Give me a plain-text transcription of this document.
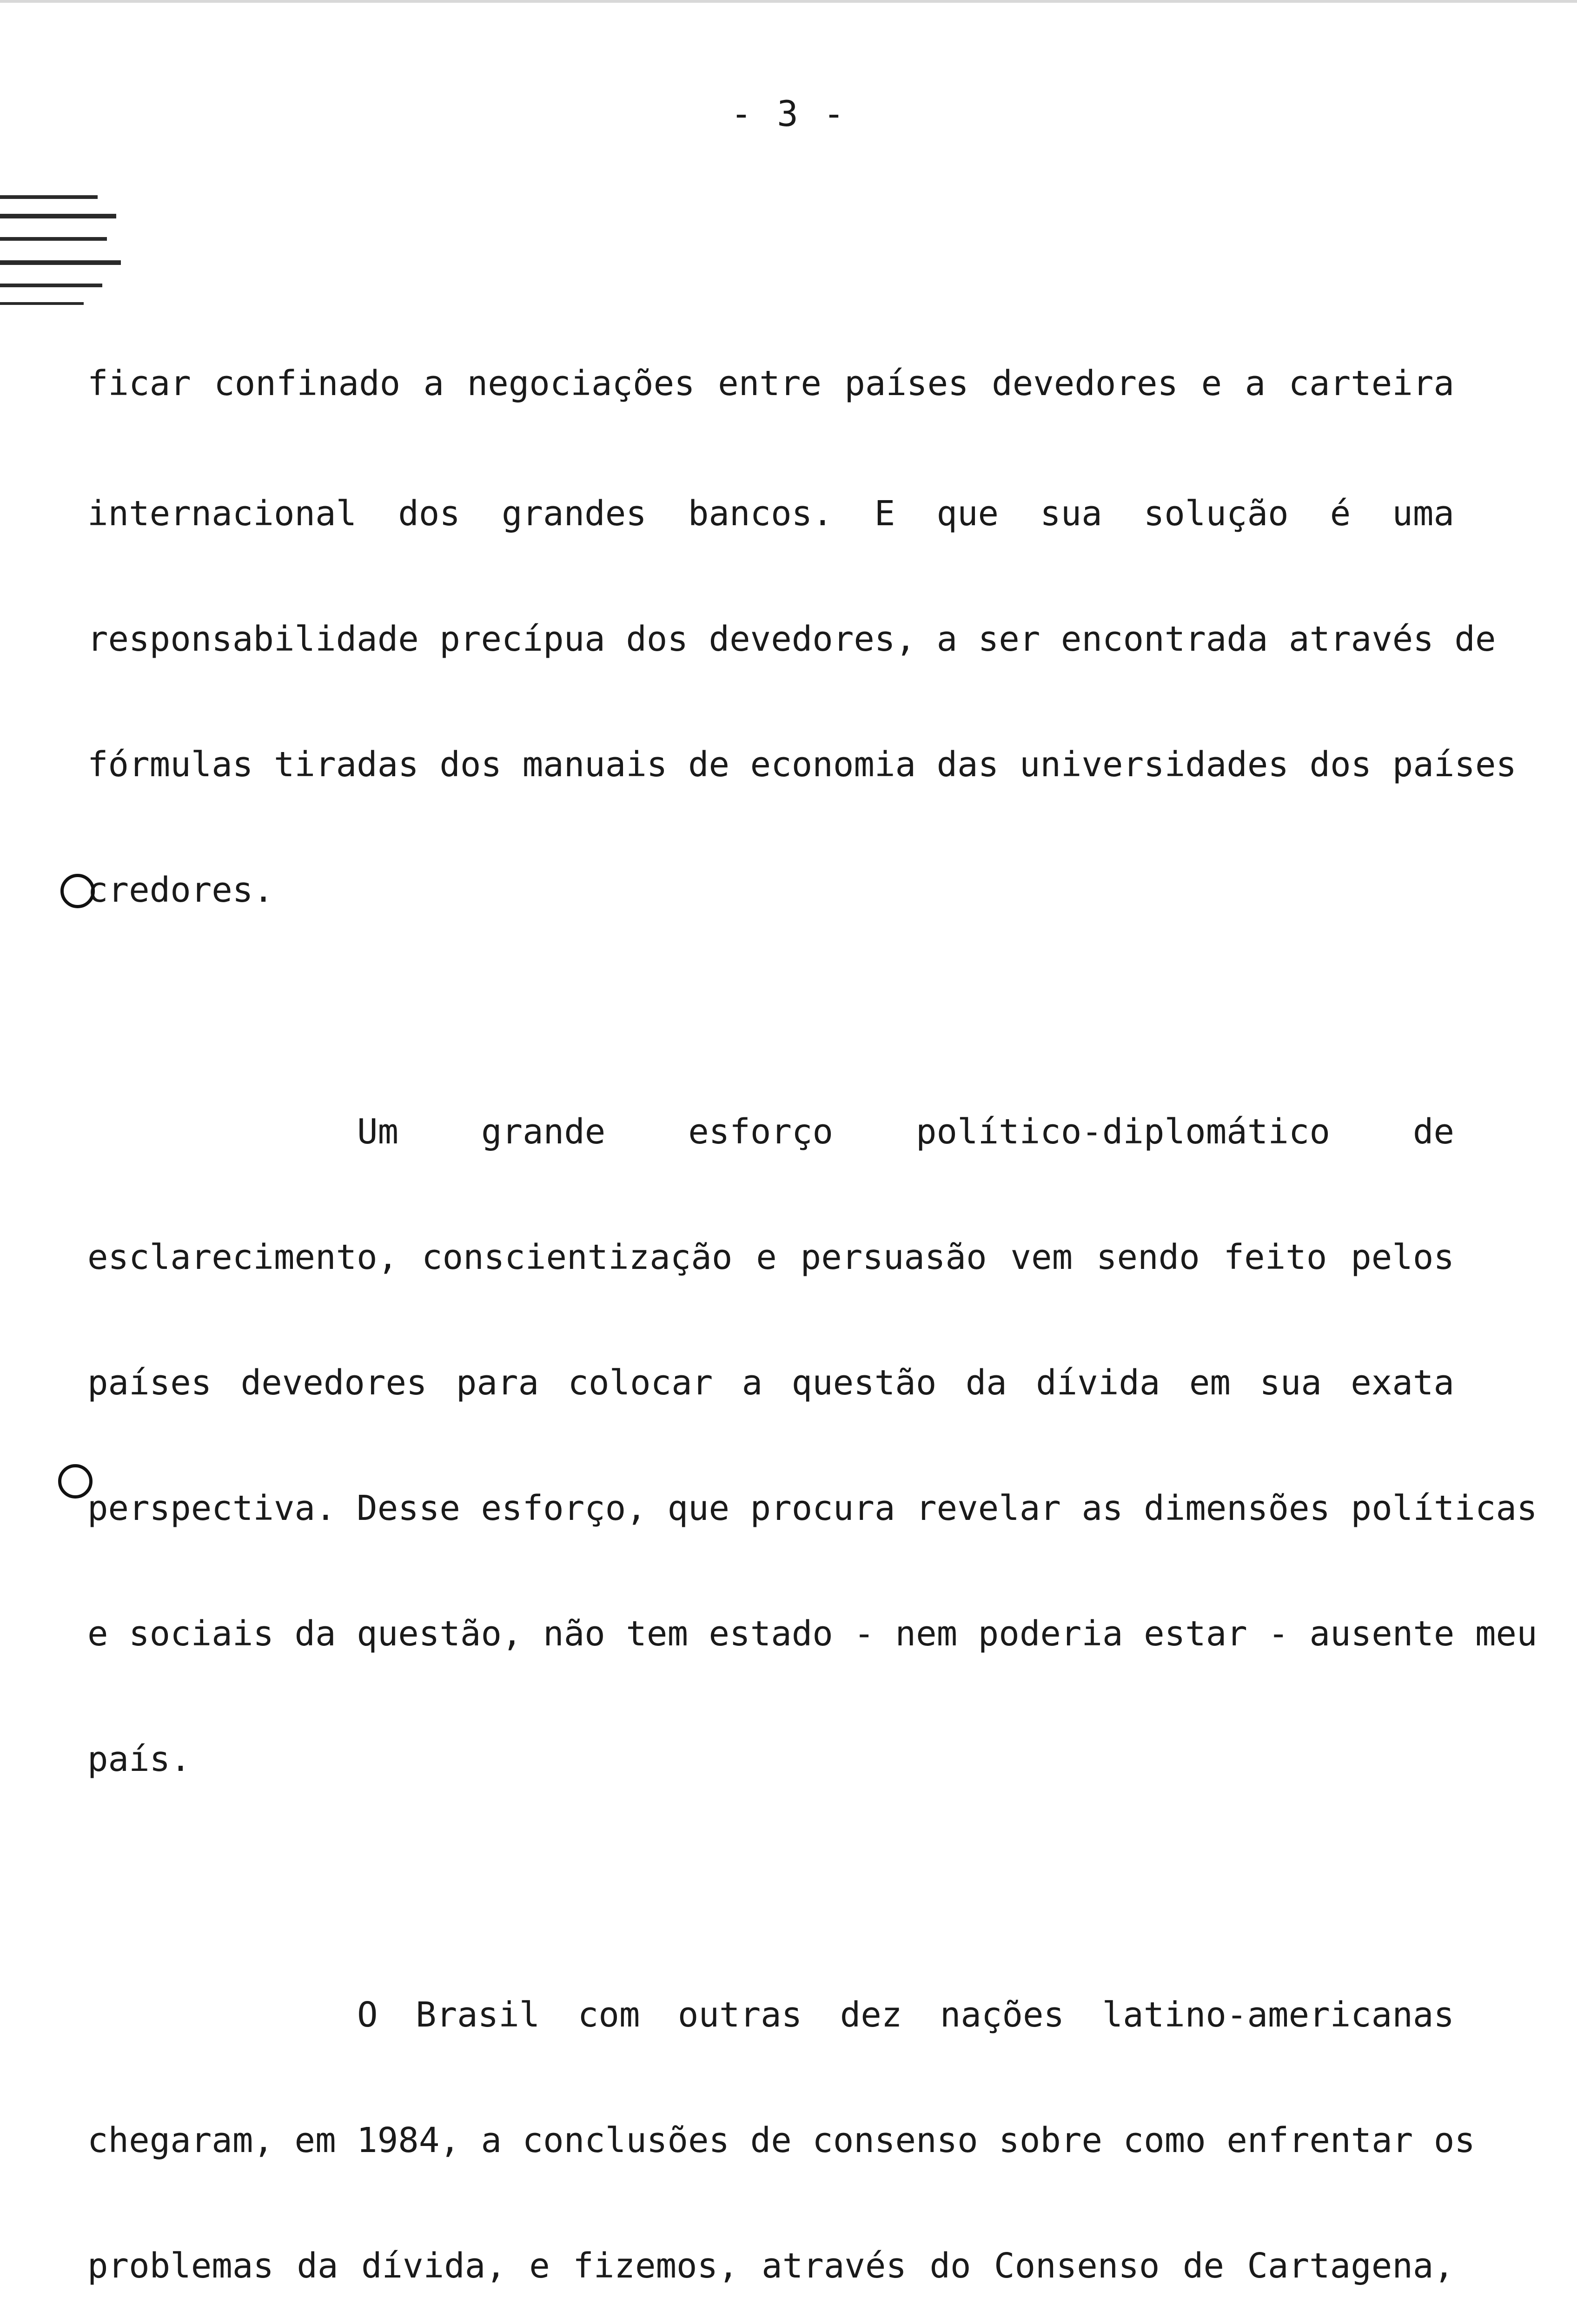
- 3 -
ficar confinado a negociações entre países devedores e a carteira
internacional dos grandes bancos. E que sua solução é uma
responsabilidade precípua dos devedores, a ser encontrada através de
fórmulas tiradas dos manuais de economia das universidades dos países
credores.
Um grande esforço político-diplomático de
esclarecimento, conscientização e persuasão vem sendo feito pelos
países devedores para colocar a questão da dívida em sua exata
perspectiva. Desse esforço, que procura revelar as dimensões políticas
e sociais da questão, não tem estado - nem poderia estar - ausente meu
país.
O Brasil com outras dez nações latino-americanas
chegaram, em 1984, a conclusões de consenso sobre como enfrentar os
problemas da dívida, e fizemos, através do Consenso de Cartagena,
